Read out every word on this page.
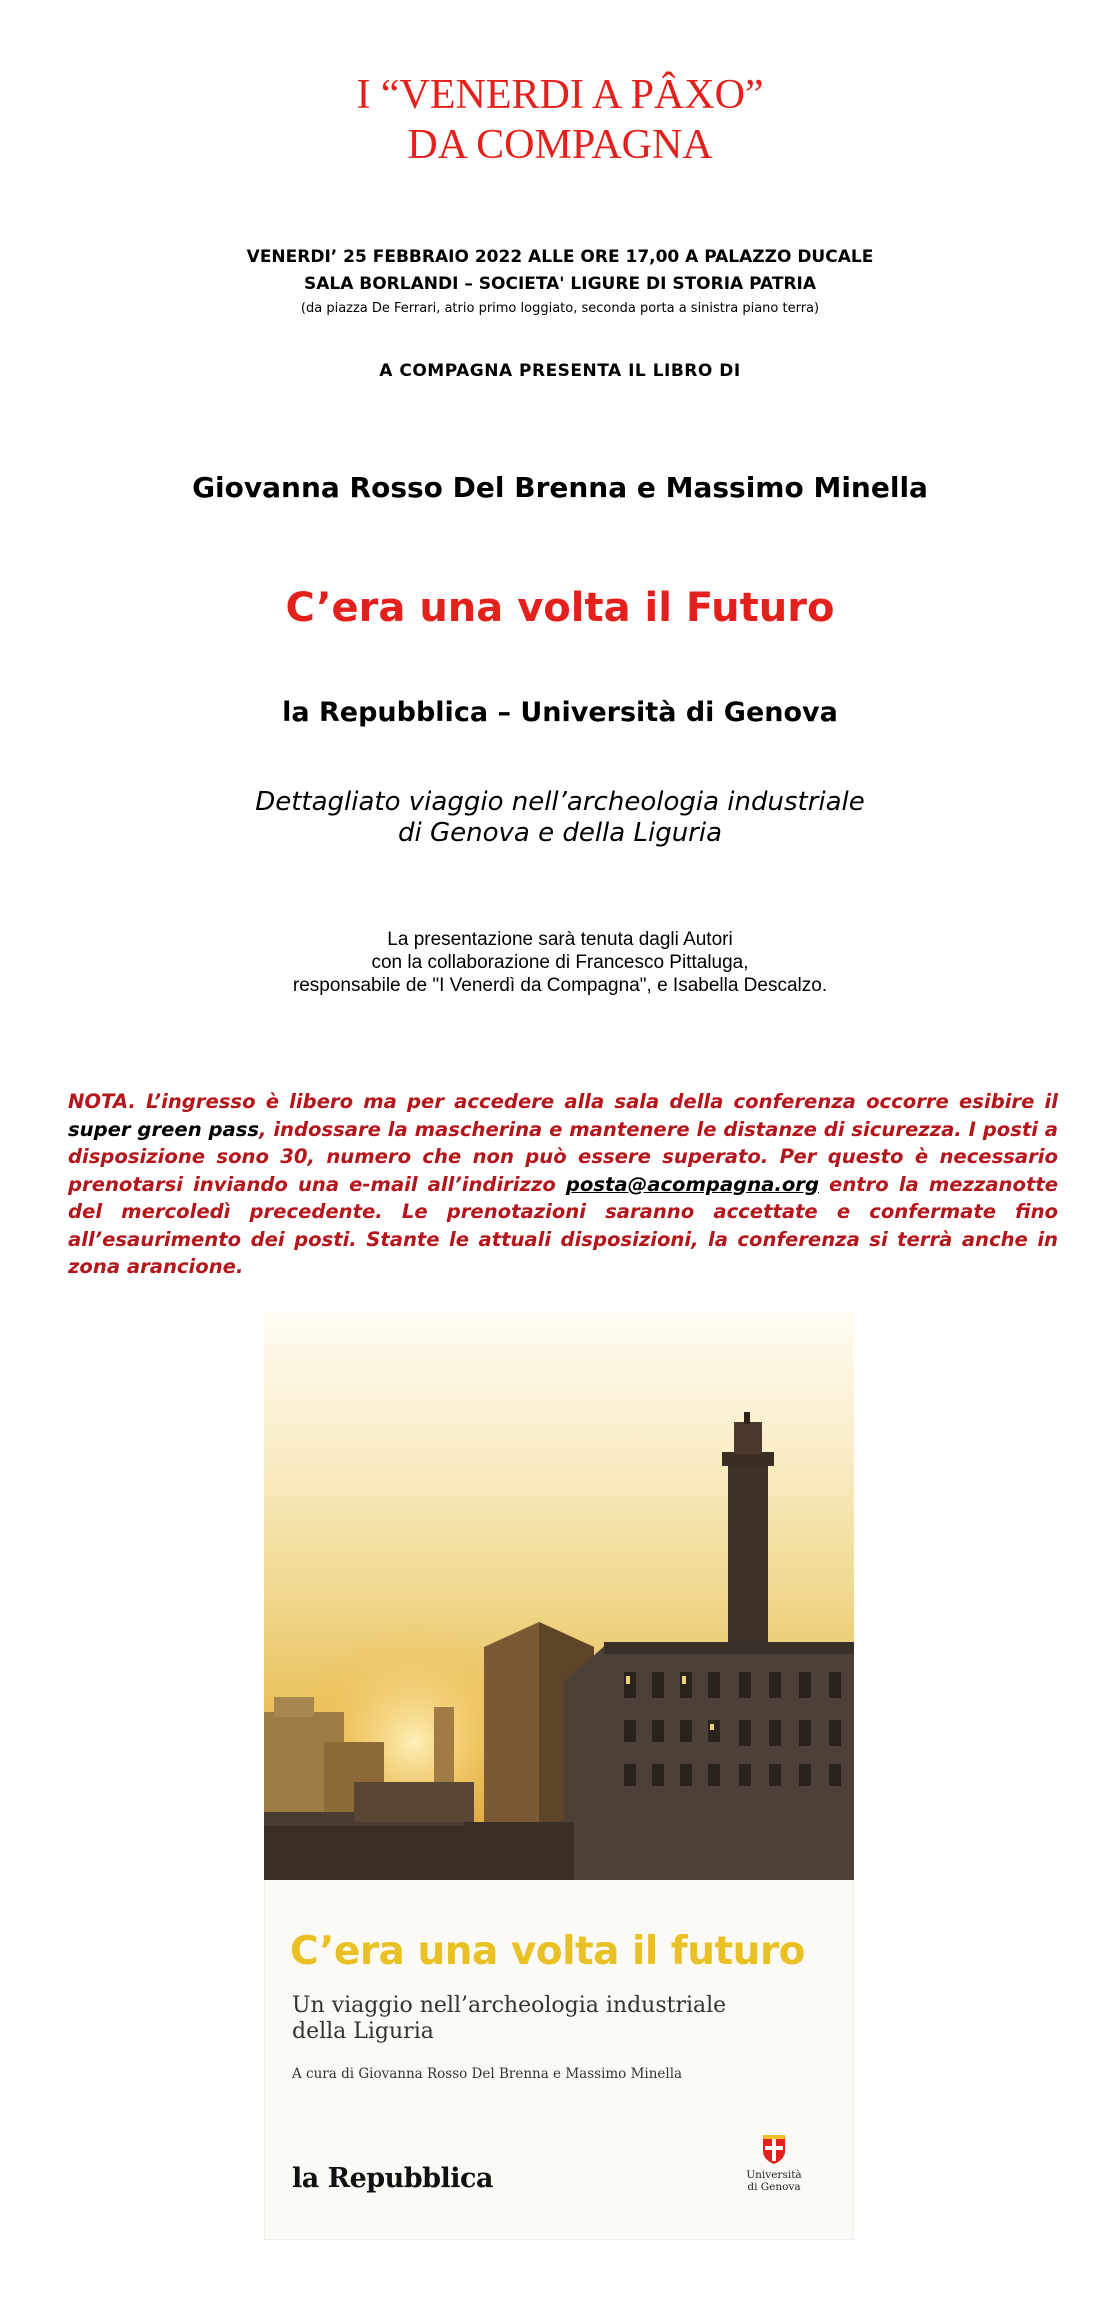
I “VENERDI A PÂXO”
DA COMPAGNA
VENERDI’ 25 FEBBRAIO 2022 ALLE ORE 17,00 A PALAZZO DUCALE
SALA BORLANDI – SOCIETA' LIGURE DI STORIA PATRIA
(da piazza De Ferrari, atrio primo loggiato, seconda porta a sinistra piano terra)
A COMPAGNA PRESENTA IL LIBRO DI
Giovanna Rosso Del Brenna e Massimo Minella
C’era una volta il Futuro
la Repubblica – Università di Genova
Dettagliato viaggio nell’archeologia industriale
di Genova e della Liguria
La presentazione sarà tenuta dagli Autori
con la collaborazione di Francesco Pittaluga,
responsabile de "I Venerdì da Compagna", e Isabella Descalzo.
NOTA. L’ingresso è libero ma per accedere alla sala della conferenza occorre esibire il super green pass, indossare la mascherina e mantenere le distanze di sicurezza. I posti a disposizione sono 30, numero che non può essere superato. Per questo è necessario prenotarsi inviando una e-mail all’indirizzo posta@acompagna.org entro la mezzanotte del mercoledì precedente. Le prenotazioni saranno accettate e confermate fino all’esaurimento dei posti. Stante le attuali disposizioni, la conferenza si terrà anche in zona arancione.
C’era una volta il futuro
Un viaggio nell’archeologia industriale
della Liguria
A cura di Giovanna Rosso Del Brenna e Massimo Minella
la Repubblica	Università
di Genova
